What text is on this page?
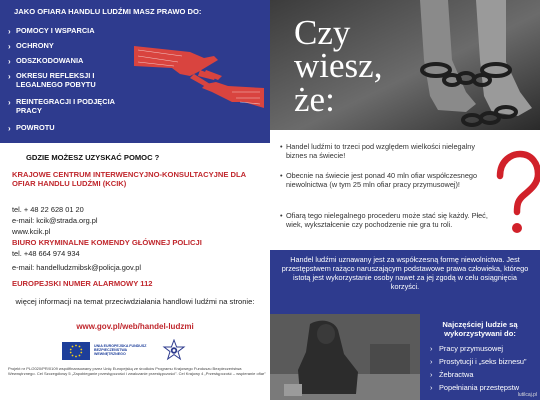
JAKO OFIARA HANDLU LUDŹMI MASZ PRAWO DO:
› POMOCY I WSPARCIA
› OCHRONY
› ODSZKODOWANIA
› OKRESU REFLEKSJI I LEGALNEGO POBYTU
› REINTEGRACJI I PODJĘCIA PRACY
› POWROTU
GDZIE MOŻESZ UZYSKAĆ POMOC ?
KRAJOWE CENTRUM INTERWENCYJNO-KONSULTACYJNE DLA OFIAR HANDLU LUDŹMI (KCIK)
tel. + 48 22 628 01 20
e-mail: kcik@strada.org.pl
www.kcik.pl
BIURO KRYMINALNE KOMENDY GŁÓWNEJ POLICJI
tel. +48 664 974 934
e-mail: handelludzmibsk@policja.gov.pl
EUROPEJSKI NUMER ALARMOWY 112
więcej informacji na temat przeciwdziałania handlowi ludźmi na stronie:
www.gov.pl/web/handel-ludzmi
UNIA EUROPEJSKA FUNDUSZ BEZPIECZEŃSTWA WEWNĘTRZNEGO
Projekt nr PL/2020/PR/0109 współfinansowany przez Unię Europejską ze środków Programu Krajowego Funduszu Bezpieczeństwa Wewnętrznego. Cel Szczegółowy 5 „Zapobieganie przestępczości i zwalczanie przestępczości”. Cel Krajowy 4 „Przestępczość – wspieranie ofiar”
Czy
wiesz,
że:
• Handel ludźmi to trzeci pod względem wielkości nielegalny biznes na świecie!
• Obecnie na świecie jest ponad 40 mln ofiar współczesnego niewolnictwa (w tym 25 mln ofiar pracy przymusowej)!
• Ofiarą tego nielegalnego procederu może stać się każdy. Płeć, wiek, wykształcenie czy pochodzenie nie gra tu roli.
Handel ludźmi uznawany jest za współczesną formę niewolnictwa. Jest przestępstwem rażąco naruszającym podstawowe prawa człowieka, którego istotą jest wykorzystanie osoby nawet za jej zgodą w celu osiągnięcia korzyści.
Najczęściej ludzie są wykorzystywani do:
› Pracy przymusowej
› Prostytucji i „seks biznesu”
› Żebractwa
› Popełniania przestępstw
lutilcaj.pl
